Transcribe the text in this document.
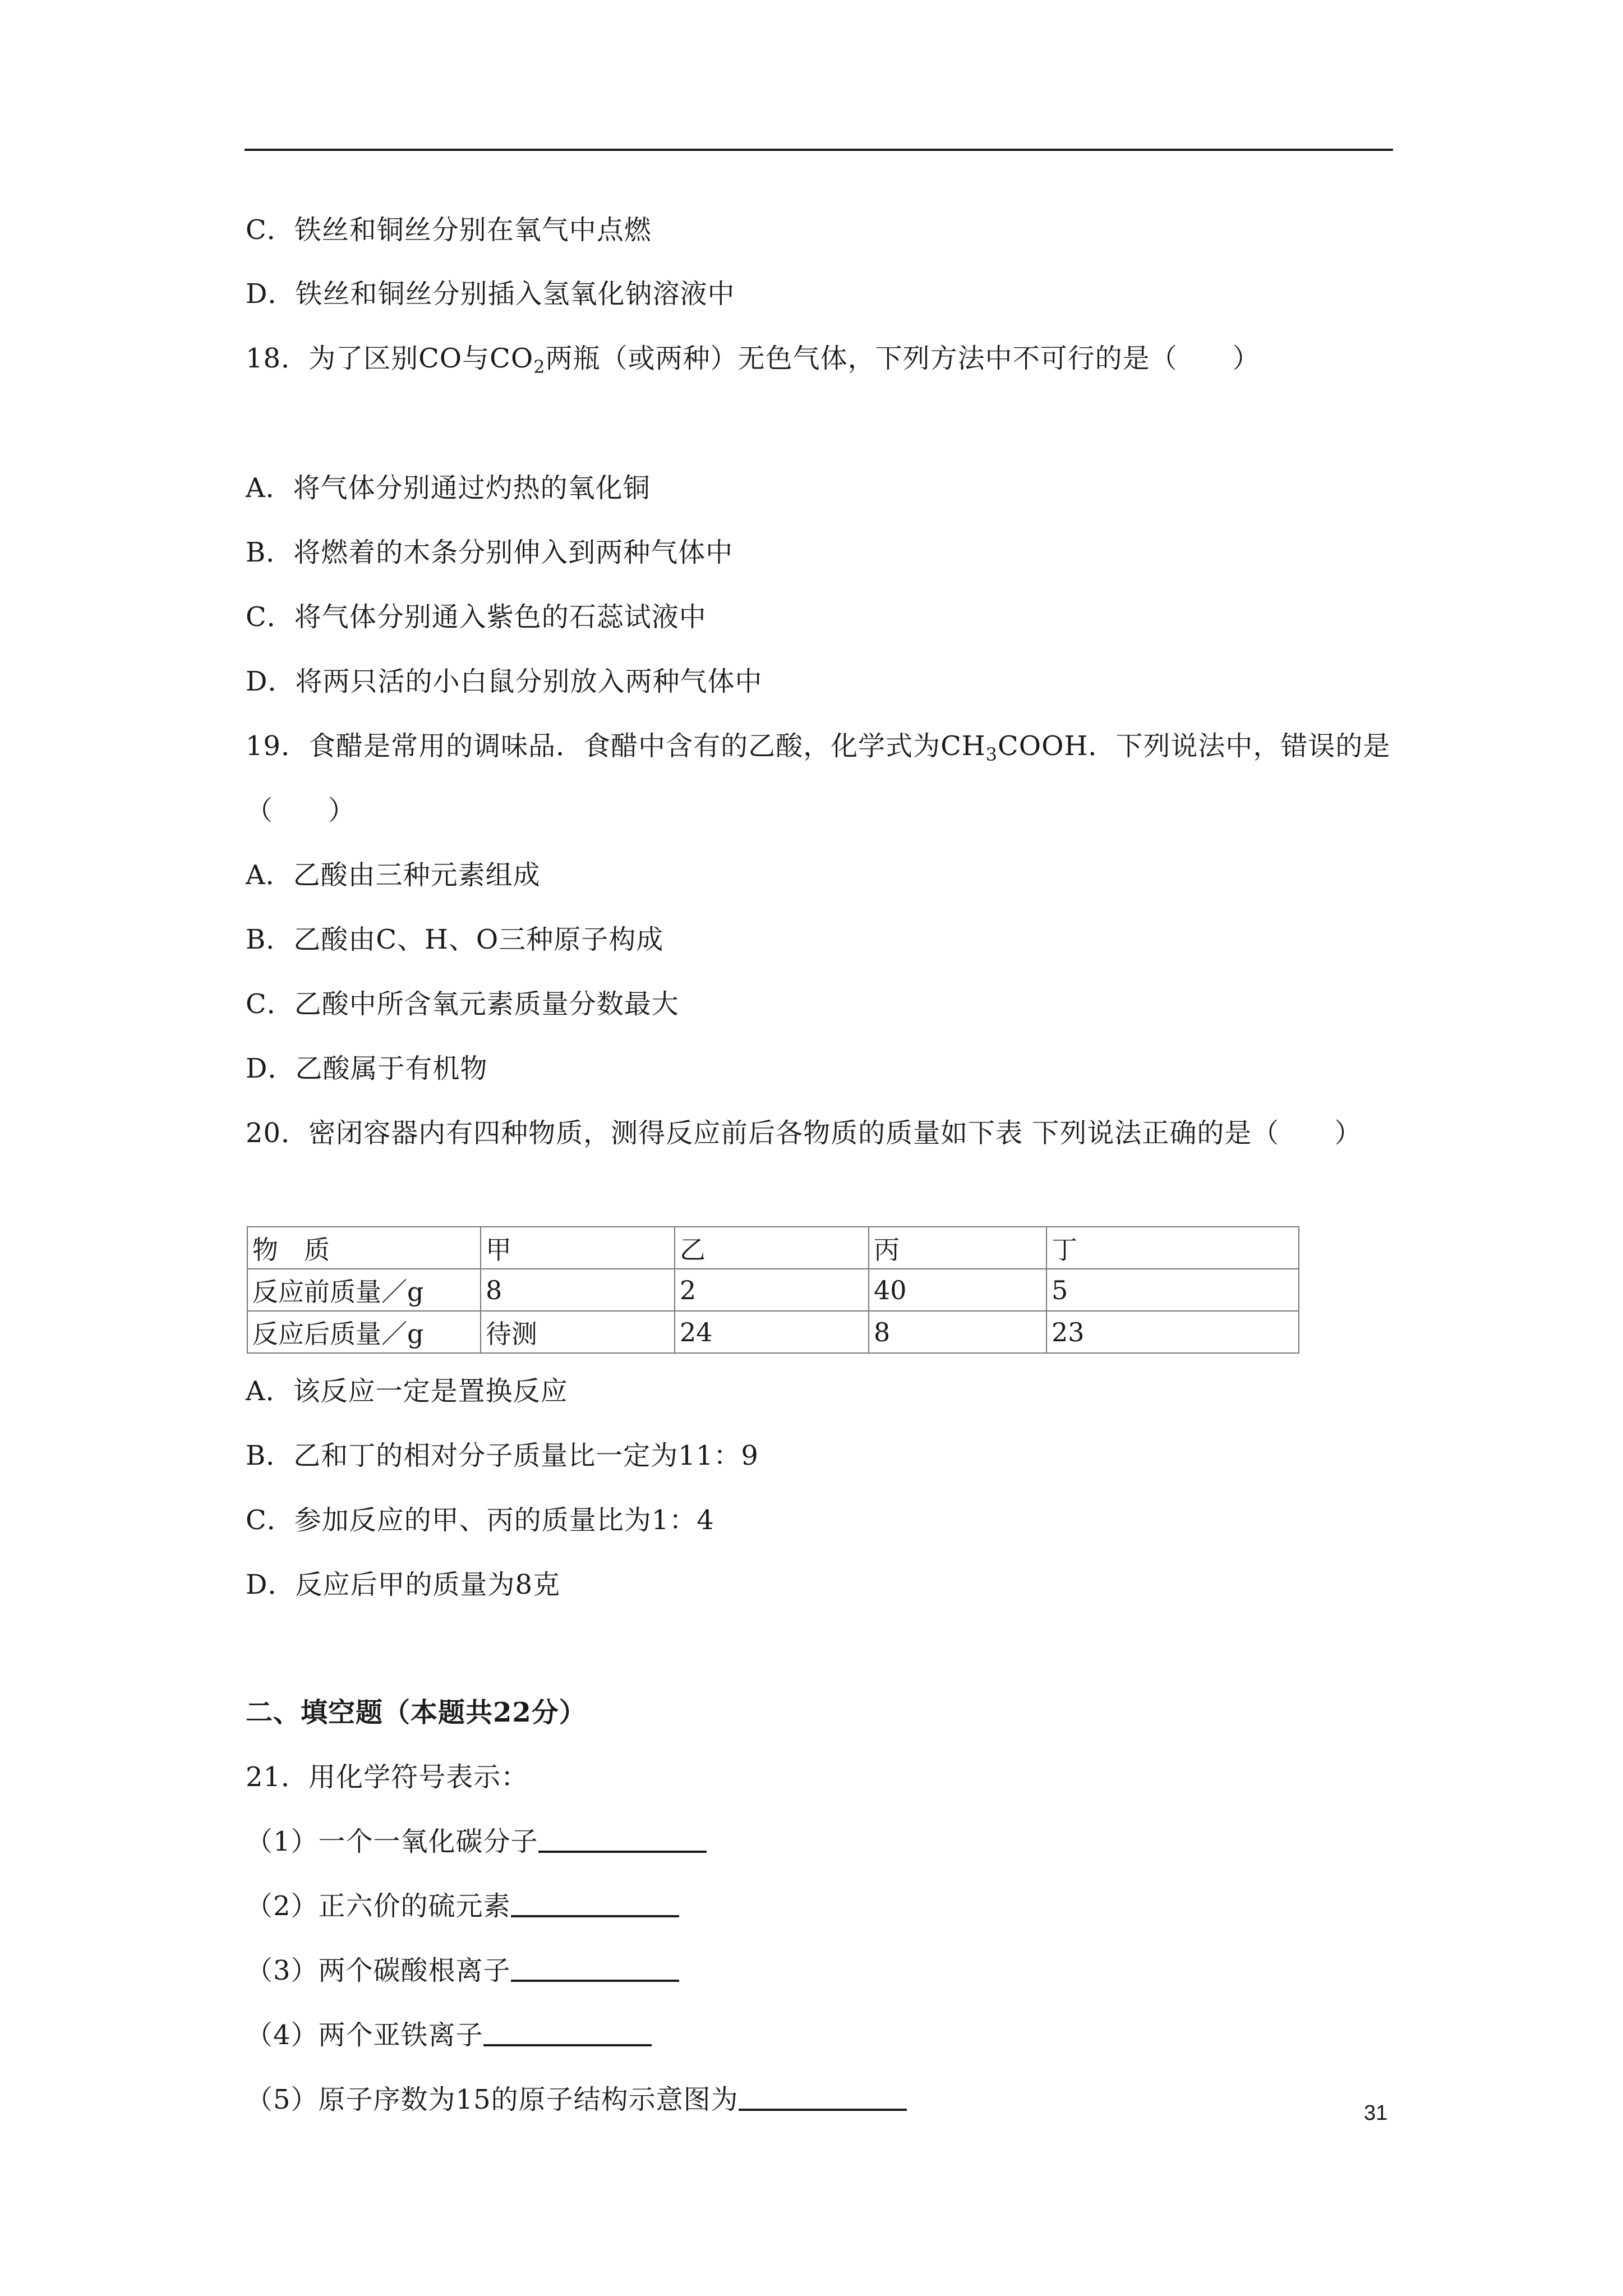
C．铁丝和铜丝分别在氧气中点燃
D．铁丝和铜丝分别插入氢氧化钠溶液中
18．为了区别CO与$CO_2$两瓶（或两种）无色气体，下列方法中不可行的是（　　）
A．将气体分别通过灼热的氧化铜
B．将燃着的木条分别伸入到两种气体中
C．将气体分别通入紫色的石蕊试液中
D．将两只活的小白鼠分别放入两种气体中
19．食醋是常用的调味品．食醋中含有的乙酸，化学式为$CH_3COOH$．下列说法中，错误的是
（　　）
A．乙酸由三种元素组成
B．乙酸由C、H、O三种原子构成
C．乙酸中所含氧元素质量分数最大
D．乙酸属于有机物
20．密闭容器内有四种物质，测得反应前后各物质的质量如下表 下列说法正确的是（　　）
物　质	甲	乙	丙	丁
反应前质量／g	8	2	40	5
反应后质量／g	待测	24	8	23
A．该反应一定是置换反应
B．乙和丁的相对分子质量比一定为11：9
C．参加反应的甲、丙的质量比为1：4
D．反应后甲的质量为8克
二、填空题（本题共22分）
21．用化学符号表示：
（1）一个一氧化碳分子
（2）正六价的硫元素
（3）两个碳酸根离子
（4）两个亚铁离子
（5）原子序数为15的原子结构示意图为	31
